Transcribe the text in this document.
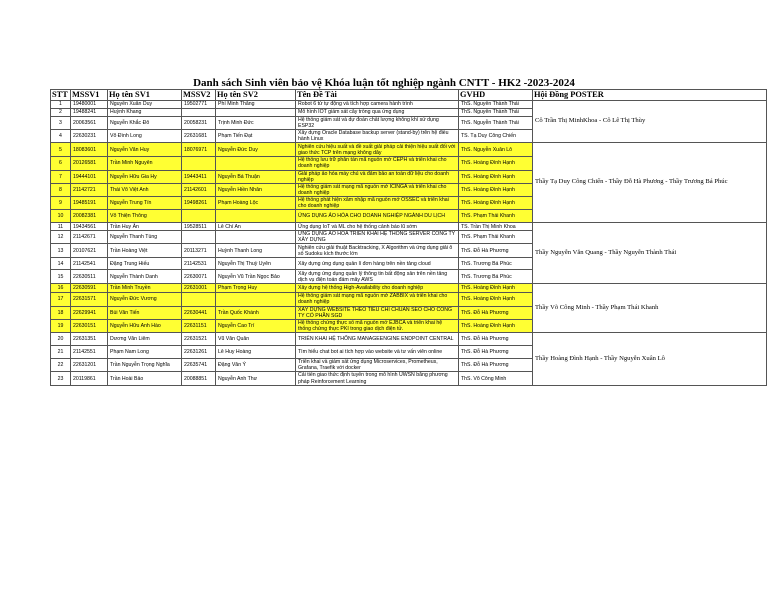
Danh sách Sinh viên bảo vệ Khóa luận tốt nghiệp ngành CNTT - HK2 -2023-2024
STT	MSSV1	Họ tên SV1	MSSV2	Họ tên SV2	Tên Đề Tài	GVHD	Hội Đồng POSTER
1	19480001	Nguyễn Xuân Duy	19502771	Phí Minh Thắng	Robot 6 tử tự động và tích hợp camera hành trình	ThS. Nguyễn Thành Thái	Cô Trần Thị MinhKhoa - Cô Lê Thị Thùy
2	19488241	Huỳnh Khang			Mô hình IOT giám sát cây trồng qua ứng dụng	ThS. Nguyễn Thành Thái	
3	20063561	Nguyễn Khắc Đô	20058231	Trịnh Minh Đức	Hệ thống giám sát và dự đoán chất lượng không khí sử dụng ESP32	ThS. Nguyễn Thành Thái	
4	22630231	Võ Đình Long	22631681	Phạm Tiến Đạt	Xây dựng Oracle Database backup server (stand-by) trên hệ điều hành Linux	TS. Tạ Duy Công Chiến	
5	18083601	Nguyễn Văn Huy	18076971	Nguyễn Đức Duy	Nghiên cứu hiệu suất và đề xuất giải pháp cải thiện hiệu suất đối với giao thức TCP trên mạng không dây	ThS. Nguyễn Xuân Lô	Thầy Tạ Duy Công Chiến - Thầy Đỗ Hà Phương - Thầy Trương Bá Phúc
6	20126581	Trần Minh Nguyên			Hệ thống lưu trữ phân tán mã nguồn mở CEPH và triển khai cho doanh nghiệp	ThS. Hoàng Đình Hạnh	
7	19444101	Nguyễn Hữu Gia Hy	19443411	Nguyễn Bá Thuận	Giải pháp ảo hóa máy chủ và đảm bảo an toàn dữ liệu cho doanh nghiệp	ThS. Hoàng Đình Hạnh	
8	21142721	Thái Võ Việt Anh	21142601	Nguyễn Hiền Nhân	Hệ thống giám sát mạng mã nguồn mở ICINGA và triển khai cho doanh nghiệp	ThS. Hoàng Đình Hạnh	
9	19485191	Nguyễn Trung Tín	19498261	Phạm Hoàng Lộc	Hệ thống phát hiện xâm nhập mã nguồn mở OSSEC và triển khai cho doanh nghiệp	ThS. Hoàng Đình Hạnh	
10	20082381	Võ Thiện Thông			ỨNG DỤNG ẢO HÓA CHO DOANH NGHIỆP NGÀNH DU LỊCH	ThS. Phạm Thái Khanh	
11	19434561	Trần Huy Ân	19528511	Lê Chí An	Ứng dụng IoT và ML cho hệ thống cảnh báo lũ sớm	TS. Trần Thị Minh Khoa	Thầy Nguyễn Văn Quang - Thầy Nguyễn Thành Thái
12	21142671	Nguyễn Thanh Tùng			ỨNG DỤNG ẢO HÓA TRIỂN KHAI HỆ THỐNG SERVER CÔNG TY XÂY DỰNG	ThS. Phạm Thái Khanh	
13	20107621	Trần Hoàng Việt	20113271	Huỳnh Thanh Long	Nghiên cứu giải thuật Backtracking, X Algorithm và ứng dụng giải ô số Sudoku kích thước lớn	ThS. Đỗ Hà Phương	
14	21142541	Đặng Trung Hiếu	21142531	Nguyễn Thị Thuỳ Uyên	Xây dựng ứng dụng quản lí đơn hàng trên nền tảng cloud	ThS. Trương Bá Phúc	
15	22630511	Nguyễn Thành Danh	22630071	Nguyễn Vũ Trần Ngọc Bảo	Xây dựng ứng dụng quản lý thông tin bất động sản trên nền tảng dịch vụ điện toán đám mây AWS	ThS. Trương Bá Phúc	
16	22630591	Trần Minh Truyền	22631001	Phạm Trọng Huy	Xây dựng hệ thống High-Availability cho doanh nghiệp	ThS. Hoàng Đình Hạnh	Thầy Võ Công Minh - Thầy Phạm Thái Khanh
17	22631571	Nguyễn Đức Vương			Hệ thống giám sát mạng mã nguồn mở ZABBIX và triển khai cho doanh nghiệp	ThS. Hoàng Đình Hạnh	
18	22629941	Bùi Văn Tiến	22630441	Trần Quốc Khánh	XÂY DỰNG WEBSITE THEO TIÊU CHÍ CHUẨN SEO CHO CÔNG TY CỔ PHẦN SGD	ThS. Đỗ Hà Phương	
19	22630151	Nguyễn Hữu Anh Hào	22631151	Nguyễn Cao Trí	Hệ thống chứng thực số mã nguồn mở EJBCA và triển khai hệ thống chứng thực PKI trong giao dịch điện tử.	ThS. Hoàng Đình Hạnh	
20	22631351	Dương Văn Liêm	22631521	Vũ Văn Quân	TRIỂN KHAI HỆ THỐNG MANAGEENGINE ENDPOINT CENTRAL	ThS. Đỗ Hà Phương	Thầy Hoàng Đình Hạnh - Thầy Nguyễn Xuân Lô
21	21142551	Phạm Nam Long	22631261	Lê Huy Hoàng	Tìm hiểu chat bot ai tích hợp vào website và tư vấn viên online	ThS. Đỗ Hà Phương	
22	22631201	Trần Nguyễn Trọng Nghĩa	22635741	Đặng Văn Ý	Triển khai và giám sát ứng dụng Microservices, Prometheus, Grafana, Traefik với docker	ThS. Đỗ Hà Phương	
23	20119861	Trần Hoài Bảo	20088851	Nguyễn Anh Thư	Cải tiến giao thức định tuyến trong mô hình UWSN bằng phương pháp Reinforcement Learning	ThS. Võ Công Minh	
